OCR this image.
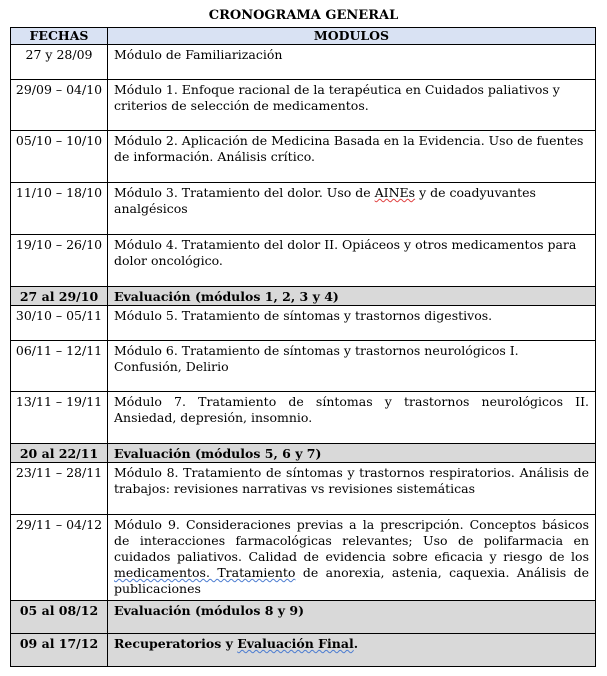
CRONOGRAMA GENERAL
FECHAS	MODULOS
27 y 28/09	Módulo de Familiarización
29/09 – 04/10	Módulo 1. Enfoque racional de la terapéutica en Cuidados paliativos y criterios de selección de medicamentos.
05/10 – 10/10	Módulo 2. Aplicación de Medicina Basada en la Evidencia. Uso de fuentes de información. Análisis crítico.
11/10 – 18/10	Módulo 3. Tratamiento del dolor. Uso de AINEs y de coadyuvantes analgésicos
19/10 – 26/10	Módulo 4. Tratamiento del dolor II. Opiáceos y otros medicamentos para dolor oncológico.
27 al 29/10	Evaluación (módulos 1, 2, 3 y 4)
30/10 – 05/11	Módulo 5. Tratamiento de síntomas y trastornos digestivos.
06/11 – 12/11	Módulo 6. Tratamiento de síntomas y trastornos neurológicos I. Confusión, Delirio
13/11 – 19/11	Módulo 7. Tratamiento de síntomas y trastornos neurológicos II. Ansiedad, depresión, insomnio.
20 al 22/11	Evaluación (módulos 5, 6 y 7)
23/11 – 28/11	Módulo 8. Tratamiento de síntomas y trastornos respiratorios. Análisis de trabajos: revisiones narrativas vs revisiones sistemáticas
29/11 – 04/12	Módulo 9. Consideraciones previas a la prescripción. Conceptos básicos de interacciones farmacológicas relevantes; Uso de polifarmacia en cuidados paliativos. Calidad de evidencia sobre eficacia y riesgo de los medicamentos. Tratamiento de anorexia, astenia, caquexia. Análisis de publicaciones
05 al 08/12	Evaluación (módulos 8 y 9)
09 al 17/12	Recuperatorios y Evaluación Final.
